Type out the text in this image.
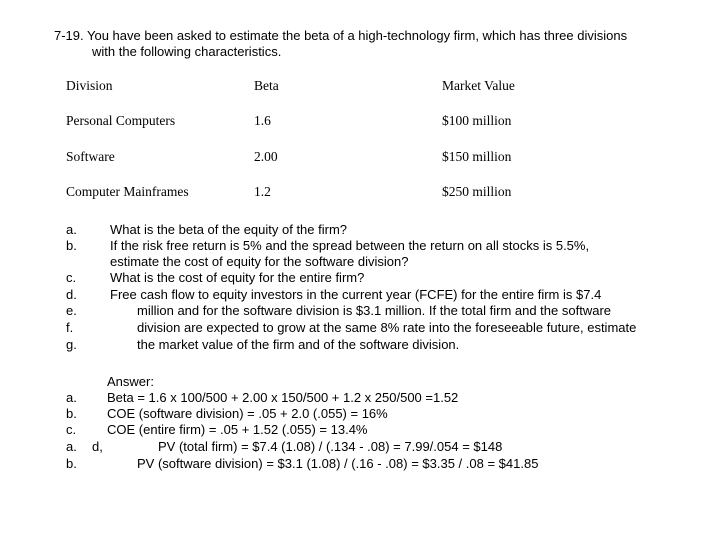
7-19. You have been asked to estimate the beta of a high-technology firm, which has three divisions
with the following characteristics.
Division	Beta	Market Value
Personal Computers	1.6	$100 million
Software	2.00	$150 million
Computer Mainframes	1.2	$250 million
a.
b.
c.
d.
e.
f.
g.
What is the beta of the equity of the firm?
If the risk free return is 5% and the spread between the return on all stocks is 5.5%,
estimate the cost of equity for the software division?
What is the cost of equity for the entire firm?
Free cash flow to equity investors in the current year (FCFE) for the entire firm is $7.4
million and for the software division is $3.1 million. If the total firm and the software
division are expected to grow at the same 8% rate into the foreseeable future, estimate
the market value of the firm and of the software division.
Answer:
a. Beta = 1.6 x 100/500 + 2.00 x 150/500 + 1.2 x 250/500 =1.52
b. COE (software division) = .05 + 2.0 (.055) = 16%
c. COE (entire firm) = .05 + 1.52 (.055) = 13.4%
a. d,	PV (total firm) = $7.4 (1.08) / (.134 - .08) = 7.99/.054 = $148
b.	PV (software division) = $3.1 (1.08) / (.16 - .08) = $3.35 / .08 = $41.85
